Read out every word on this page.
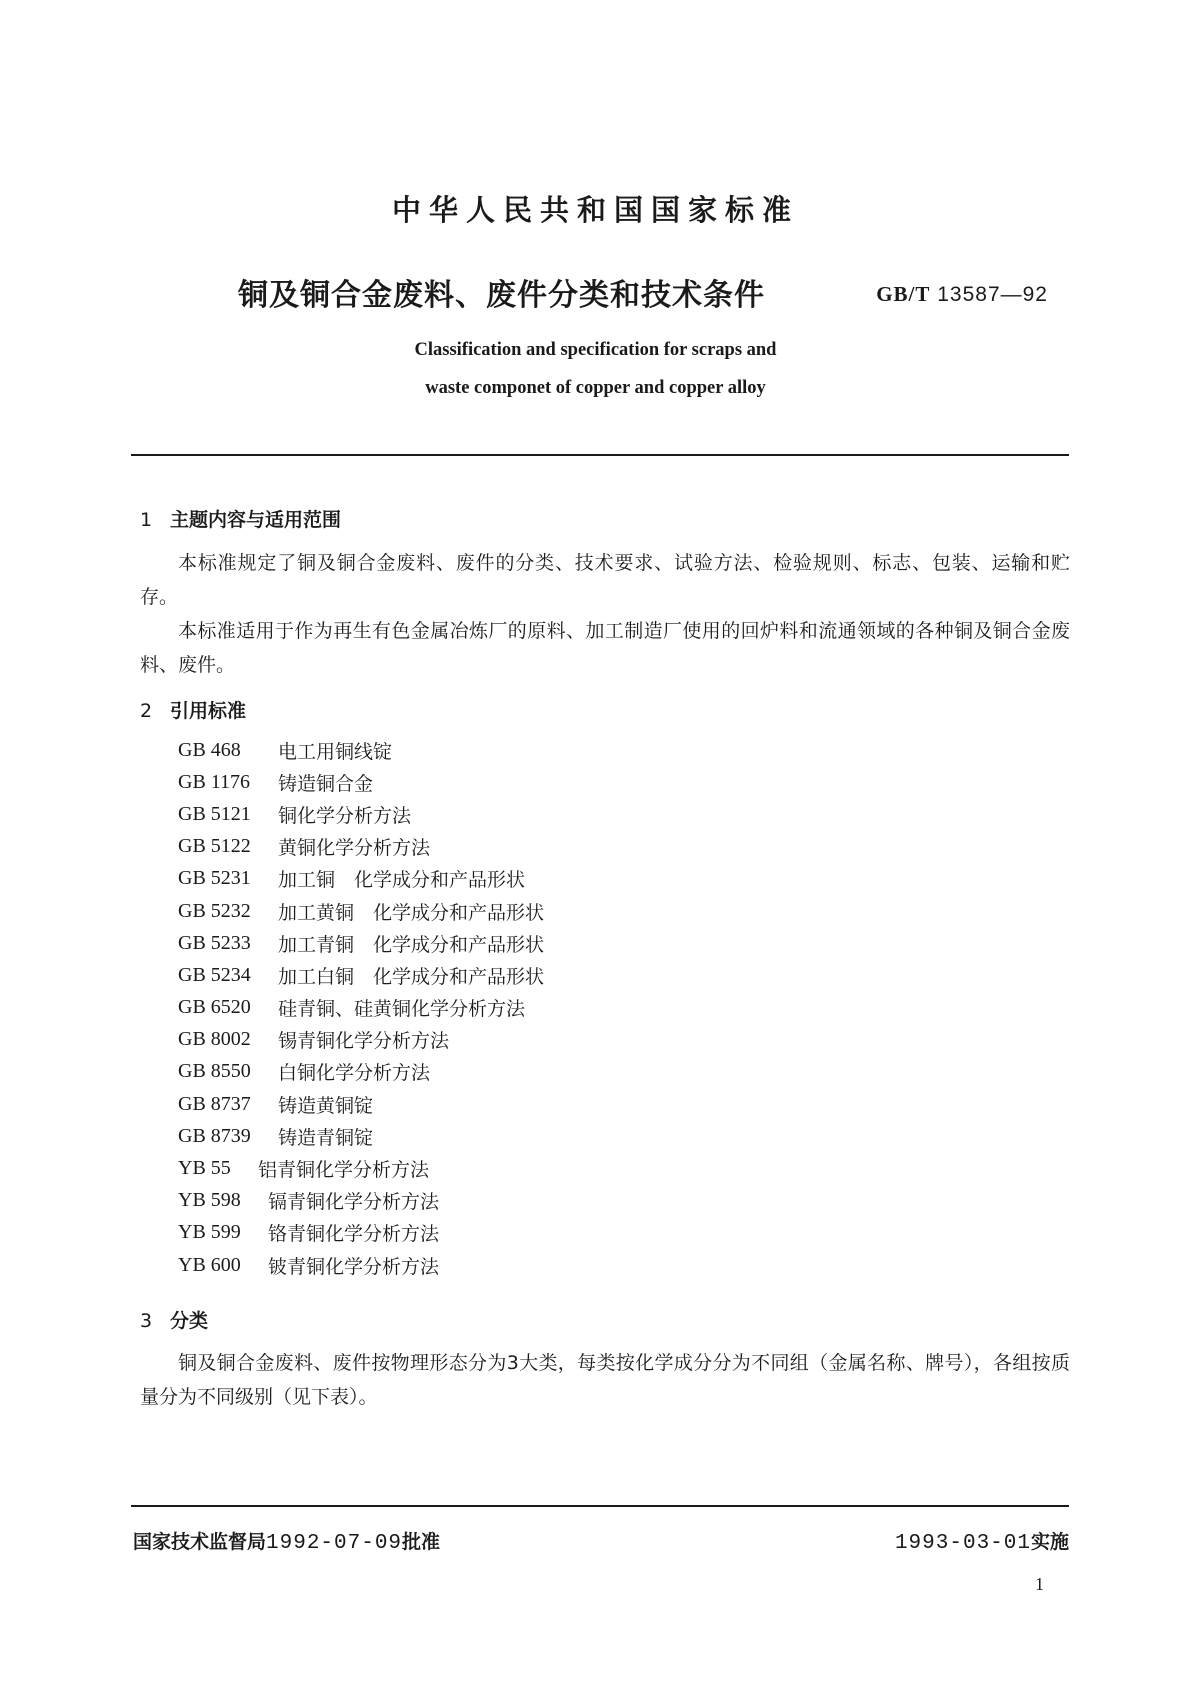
中华人民共和国国家标准
铜及铜合金废料、废件分类和技术条件	GB/T 13587—92
Classification and specification for scraps and
waste componet of copper and copper alloy
1 主题内容与适用范围
本标准规定了铜及铜合金废料、废件的分类、技术要求、试验方法、检验规则、标志、包装、运输和贮存。
本标准适用于作为再生有色金属冶炼厂的原料、加工制造厂使用的回炉料和流通领域的各种铜及铜合金废料、废件。
2 引用标准
GB 468	电工用铜线锭
GB 1176	铸造铜合金
GB 5121	铜化学分析方法
GB 5122	黄铜化学分析方法
GB 5231	加工铜　化学成分和产品形状
GB 5232	加工黄铜　化学成分和产品形状
GB 5233	加工青铜　化学成分和产品形状
GB 5234	加工白铜　化学成分和产品形状
GB 6520	硅青铜、硅黄铜化学分析方法
GB 8002	锡青铜化学分析方法
GB 8550	白铜化学分析方法
GB 8737	铸造黄铜锭
GB 8739	铸造青铜锭
YB 55	铝青铜化学分析方法
YB 598	镉青铜化学分析方法
YB 599	铬青铜化学分析方法
YB 600	铍青铜化学分析方法
3 分类
铜及铜合金废料、废件按物理形态分为3大类，每类按化学成分分为不同组（金属名称、牌号），各组按质量分为不同级别（见下表）。
国家技术监督局1992-07-09批准	1993-03-01实施
1
